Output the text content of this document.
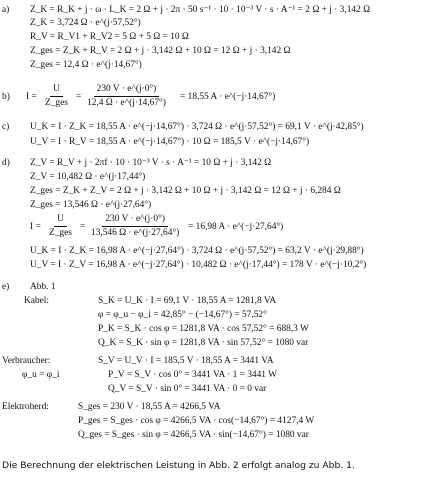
a) Z_K = R_K + j · ω · L_K = 2 Ω + j · 2π · 50 s⁻¹ · 10 · 10⁻³ V · s · A⁻¹ = 2 Ω + j · 3,142 Ω
Z_K = 3,724 Ω · e^(j·57,52°)
R_V = R_V1 + R_V2 = 5 Ω + 5 Ω = 10 Ω
Z_ges = Z_K + R_V = 2 Ω + j · 3,142 Ω + 10 Ω = 12 Ω + j · 3,142 Ω
Z_ges = 12,4 Ω · e^(j·14,67°)
b) I =
U
Z_ges
= $\frac{230 V \cdot e\^{}(j\cdot 0^\circ)}{12,4 \Omega \cdot e\^{}(j\cdot 14,67^\circ)} = 18,55$ A · e^(−j·14,67°)
c) U_K = I · Z_K = 18,55 A · e^(−j·14,67°) · 3,724 Ω · e^(j·57,52°) = 69,1 V · e^(j·42,85°)
U_V = I · R_V = 18,55 A · e^(−j·14,67°) · 10 Ω = 185,5 V · e^(−j·14,67°)
d) Z_V = R_V + j · 2πf · 10 · 10⁻³ V · s · A⁻¹ = 10 Ω + j · 3,142 Ω
Z_V = 10,482 Ω · e^(j·17,44°)
Z_ges = Z_K + Z_V = 2 Ω + j · 3,142 Ω + 10 Ω + j · 3,142 Ω = 12 Ω + j · 6,284 Ω
Z_ges = 13,546 Ω · e^(j·27,64°)
I =
U
Z_ges
= $\frac{230 V \cdot e\^{}(j\cdot 0^\circ)}{13,546 \Omega \cdot e\^{}(j\cdot 27,64^\circ)} = 16,98$ A · e^(−j·27,64°)
U_K = I · Z_K = 16,98 A · e^(−j·27,64°) · 3,724 Ω · e^(j·57,52°) = 63,2 V · e^(j·29,88°)
U_V = I · Z_V = 16,98 A · e^(−j·27,64°) · 10,482 Ω · e^(j·17,44°) = 178 V · e^(−j·10,2°)
e) Abb. 1
Kabel:	S_K = U_K · I = 69,1 V · 18,55 A = 1281,8 VA
φ = φ_u − φ_i = 42,85° − (−14,67°) = 57,52°
P_K = S_K · cos φ = 1281,8 VA · cos 57,52° = 688,3 W
Q_K = S_K · sin φ = 1281,8 VA · sin 57,52° = 1080 var
Verbraucher:	S_V = U_V · I = 185,5 V · 18,55 A = 3441 VA
φ_u = φ_i	P_V = S_V · cos 0° = 3441 VA · 1 = 3441 W
Q_V = S_V · sin 0° = 3441 VA · 0 = 0 var
Elektroherd:	S_ges = 230 V · 18,55 A = 4266,5 VA
P_ges = S_ges · cos φ = 4266,5 VA · cos(−14,67°) = 4127,4 W
Q_ges = S_ges · sin φ = 4266,5 VA · sin(−14,67°) = 1080 var
Die Berechnung der elektrischen Leistung in Abb. 2 erfolgt analog zu Abb. 1.
